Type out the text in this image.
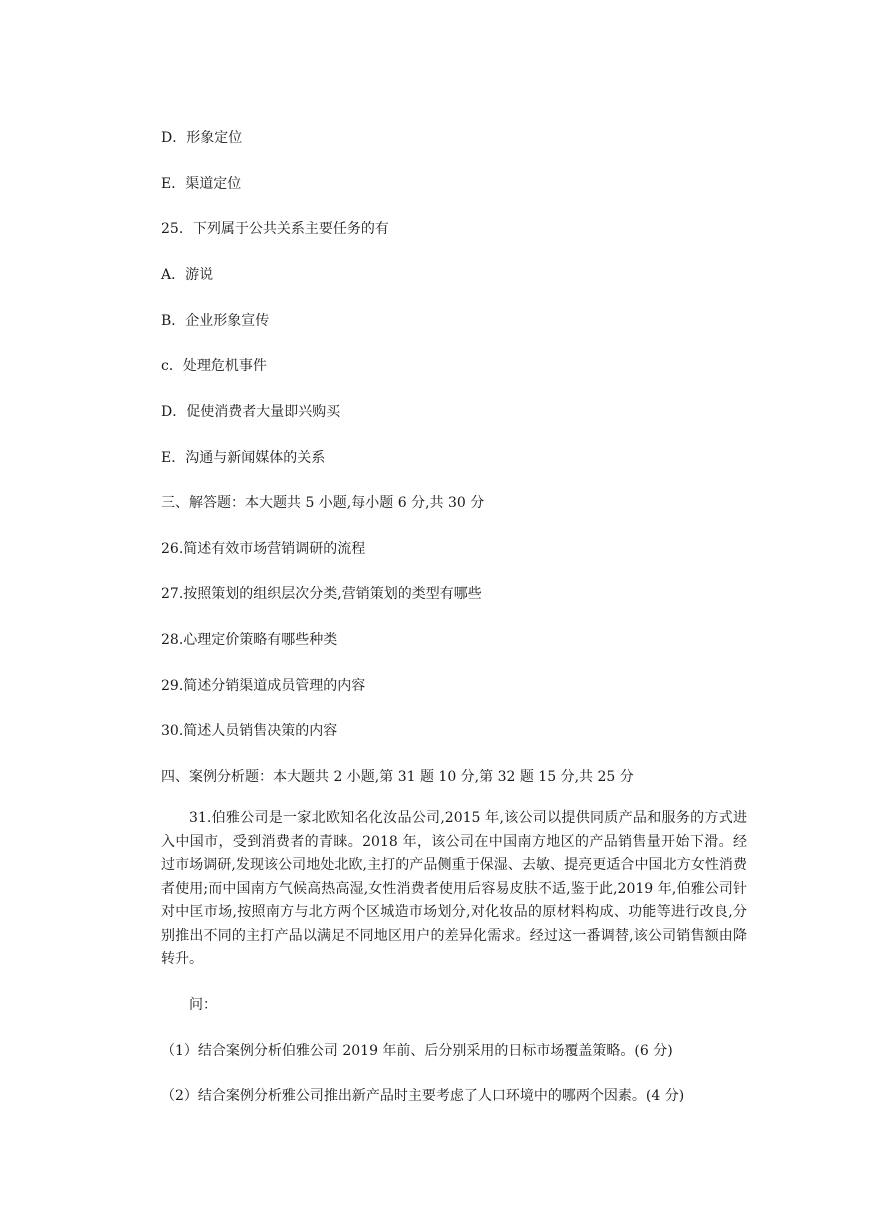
D．形象定位
E．渠道定位
25．下列属于公共关系主要任务的有
A．游说
B．企业形象宣传
c．处理危机事件
D．促使消费者大量即兴购买
E．沟通与新闻媒体的关系
三、解答题：本大题共 5 小题,每小题 6 分,共 30 分
26.简述有效市场营销调研的流程
27.按照策划的组织层次分类,营销策划的类型有哪些
28.心理定价策略有哪些种类
29.简述分销渠道成员管理的内容
30.简述人员销售决策的内容
四、案例分析题：本大题共 2 小题,第 31 题 10 分,第 32 题 15 分,共 25 分
31.伯雅公司是一家北欧知名化汝品公司,2015 年,该公司以提供同质产品和服务的方式进入中国市，受到消费者的青睐。2018 年，该公司在中国南方地区的产品销售量开始下滑。经过市场调研,发现该公司地处北欧,主打的产品侧重于保湿、去敏、提亮更适合中国北方女性消费者使用;而中国南方气候高热高湿,女性消费者使用后容易皮肤不适,鉴于此,2019 年,伯雅公司针对中匡市场,按照南方与北方两个区城造市场划分,对化妆品的原材料构成、功能等进行改良,分别推出不同的主打产品以满足不同地区用户的差异化需求。经过这一番调替,该公司销售额由降转升。
问：
（1）结合案例分析伯雅公司 2019 年前、后分别采用的日标市场覆盖策略。(6 分)
（2）结合案例分析雅公司推出新产品时主要考虑了人口环境中的哪两个因素。(4 分)
